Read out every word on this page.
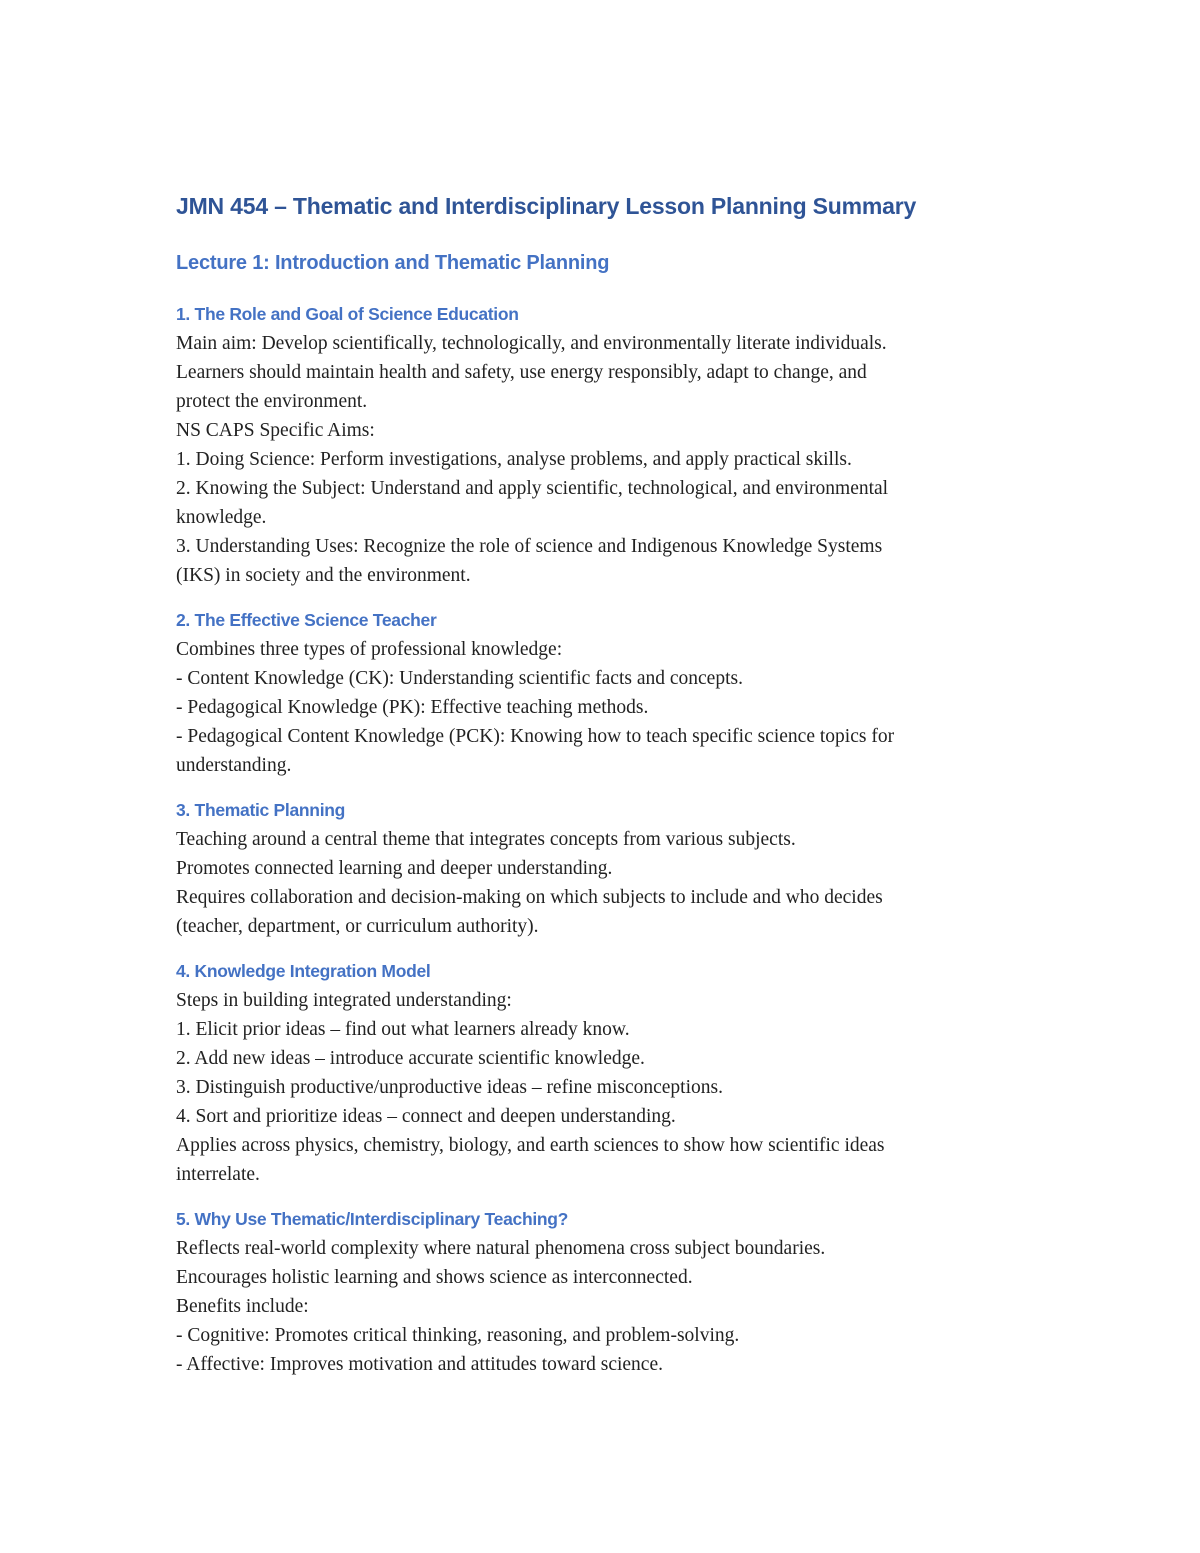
JMN 454 – Thematic and Interdisciplinary Lesson Planning Summary
Lecture 1: Introduction and Thematic Planning
1. The Role and Goal of Science Education

Main aim: Develop scientifically, technologically, and environmentally literate individuals.

Learners should maintain health and safety, use energy responsibly, adapt to change, and

protect the environment.

NS CAPS Specific Aims:

1. Doing Science: Perform investigations, analyse problems, and apply practical skills.

2. Knowing the Subject: Understand and apply scientific, technological, and environmental

knowledge.

3. Understanding Uses: Recognize the role of science and Indigenous Knowledge Systems

(IKS) in society and the environment.

2. The Effective Science Teacher

Combines three types of professional knowledge:

- Content Knowledge (CK): Understanding scientific facts and concepts.

- Pedagogical Knowledge (PK): Effective teaching methods.

- Pedagogical Content Knowledge (PCK): Knowing how to teach specific science topics for

understanding.

3. Thematic Planning

Teaching around a central theme that integrates concepts from various subjects.

Promotes connected learning and deeper understanding.

Requires collaboration and decision-making on which subjects to include and who decides

(teacher, department, or curriculum authority).

4. Knowledge Integration Model

Steps in building integrated understanding:

1. Elicit prior ideas – find out what learners already know.

2. Add new ideas – introduce accurate scientific knowledge.

3. Distinguish productive/unproductive ideas – refine misconceptions.

4. Sort and prioritize ideas – connect and deepen understanding.

Applies across physics, chemistry, biology, and earth sciences to show how scientific ideas

interrelate.

5. Why Use Thematic/Interdisciplinary Teaching?

Reflects real-world complexity where natural phenomena cross subject boundaries.

Encourages holistic learning and shows science as interconnected.

Benefits include:

- Cognitive: Promotes critical thinking, reasoning, and problem-solving.

- Affective: Improves motivation and attitudes toward science.
